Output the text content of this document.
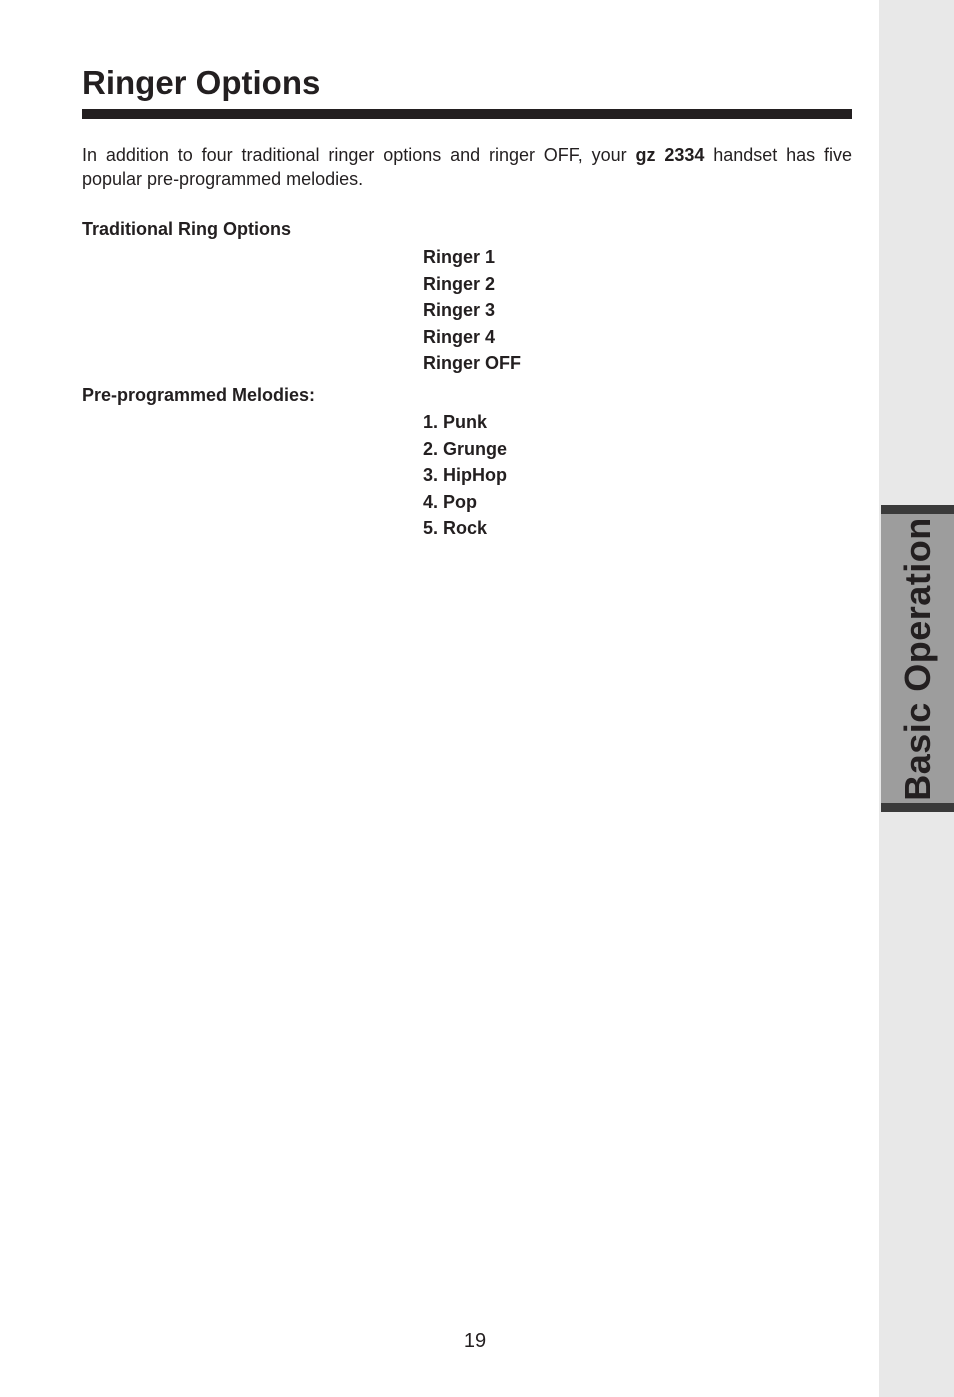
Basic Operation
Ringer Options

In addition to four traditional ringer options and ringer OFF, your gz 2334 handset has five popular pre-programmed melodies.

Traditional Ring Options
Ringer 1
Ringer 2
Ringer 3
Ringer 4
Ringer OFF
Pre-programmed Melodies:
1. Punk
2. Grunge
3. HipHop
4. Pop
5. Rock
19
